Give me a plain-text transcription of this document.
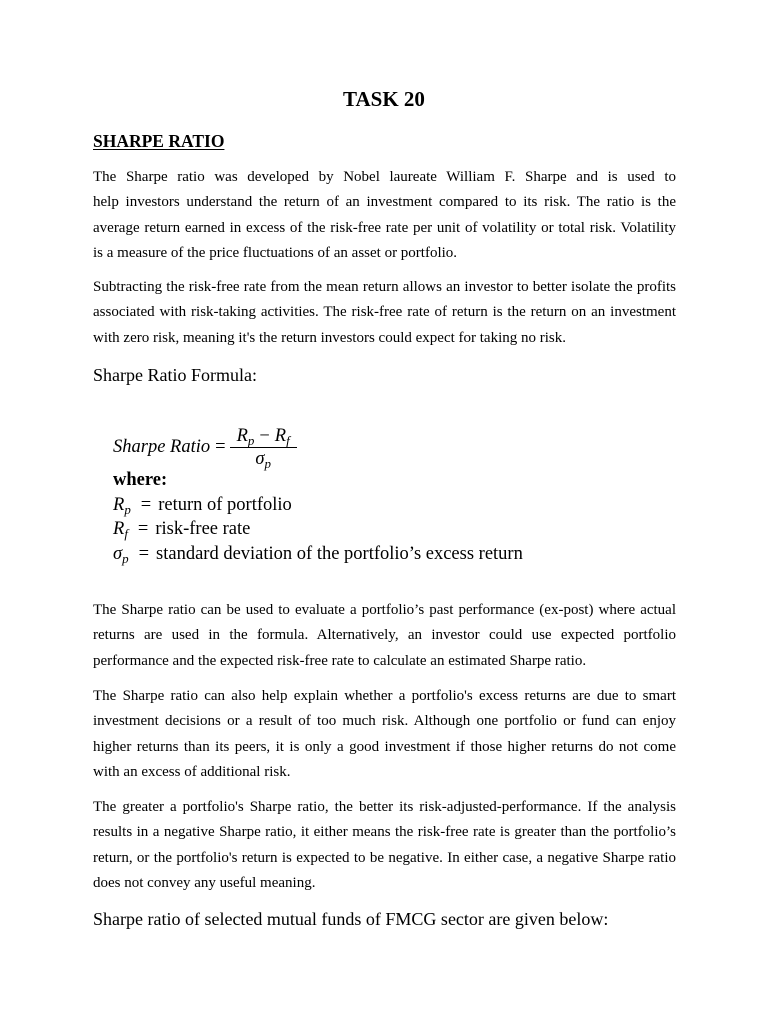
TASK 20
SHARPE RATIO
The Sharpe ratio was developed by Nobel laureate William F. Sharpe and is used to
help investors understand the return of an investment compared to its risk. The ratio is the
average return earned in excess of the risk-free rate per unit of volatility or total risk. Volatility
is a measure of the price fluctuations of an asset or portfolio.
Subtracting the risk-free rate from the mean return allows an investor to better isolate the profits
associated with risk-taking activities. The risk-free rate of return is the return on an investment
with zero risk, meaning it's the return investors could expect for taking no risk.
Sharpe Ratio Formula:
Sharpe Ratio = $\frac{R_p - R_f}{\sigma_p}$
where:
$R_p$ = return of portfolio
$R_f$ = risk-free rate
$\sigma_p$ = standard deviation of the portfolio’s excess return
The Sharpe ratio can be used to evaluate a portfolio’s past performance (ex-post) where actual
returns are used in the formula. Alternatively, an investor could use expected portfolio
performance and the expected risk-free rate to calculate an estimated Sharpe ratio.
The Sharpe ratio can also help explain whether a portfolio's excess returns are due to smart
investment decisions or a result of too much risk. Although one portfolio or fund can enjoy
higher returns than its peers, it is only a good investment if those higher returns do not come
with an excess of additional risk.
The greater a portfolio's Sharpe ratio, the better its risk-adjusted-performance. If the analysis
results in a negative Sharpe ratio, it either means the risk-free rate is greater than the portfolio’s
return, or the portfolio's return is expected to be negative. In either case, a negative Sharpe ratio
does not convey any useful meaning.
Sharpe ratio of selected mutual funds of FMCG sector are given below:
